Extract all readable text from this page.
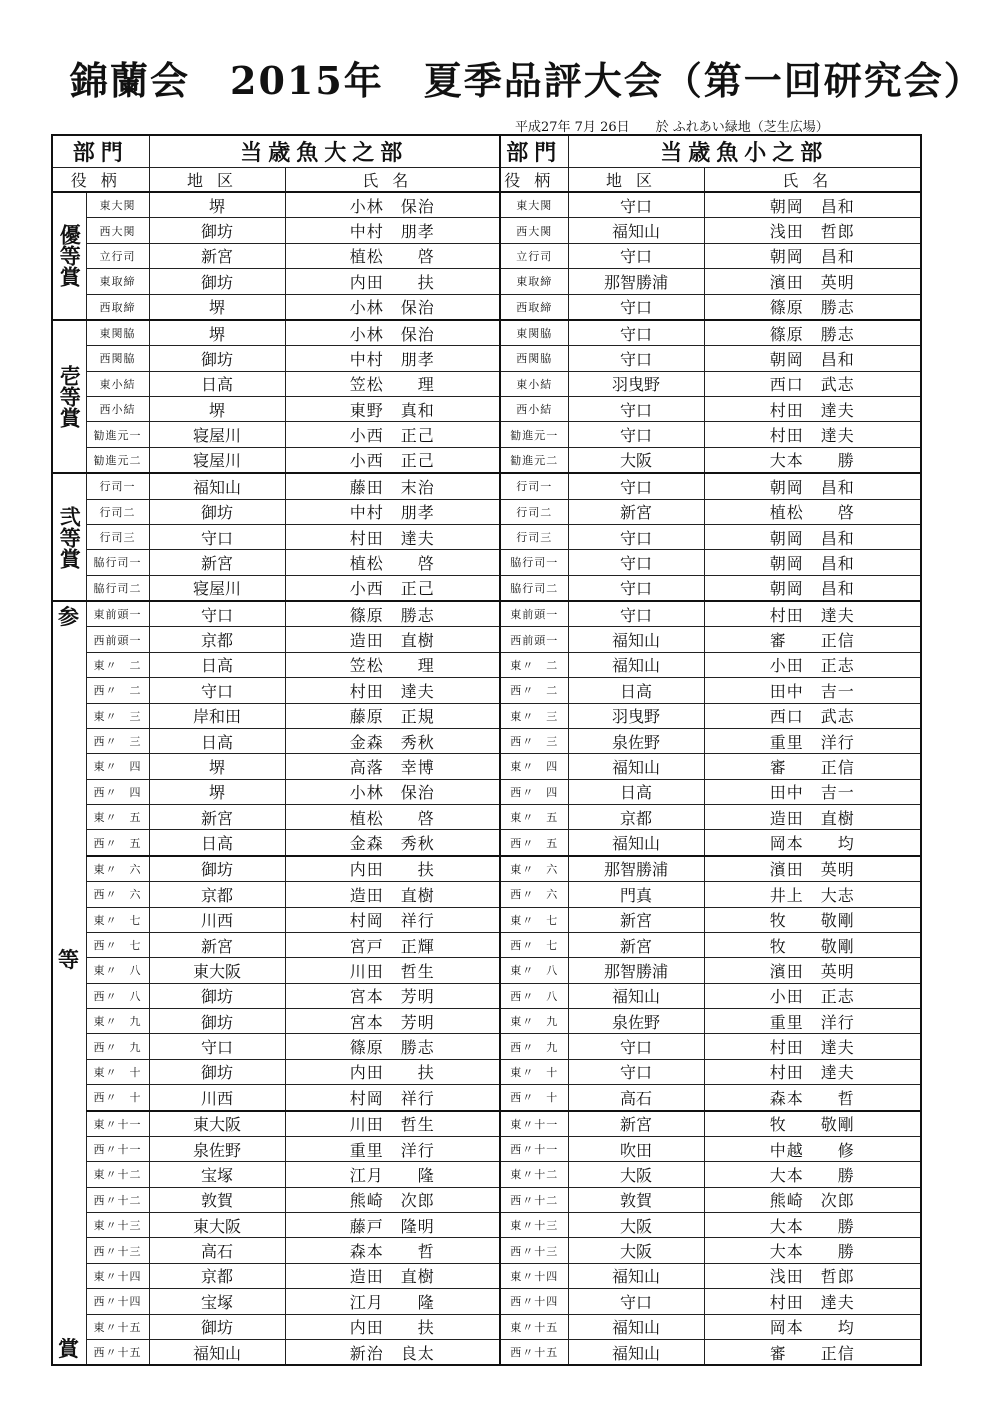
錦蘭会　2015年　夏季品評大会（第一回研究会）
平成27年 7月 26日　　於 ふれあい緑地（芝生広場）
部門		当歳魚大之部		部門	当歳魚小之部	
役柄		地区	氏名	役柄	地区	氏名
優等賞	東大関	堺	小林　保治	東大関	守口	朝岡　昌和
	西大関	御坊	中村　朋孝	西大関	福知山	浅田　哲郎
	立行司	新宮	植松　　啓	立行司	守口	朝岡　昌和
	東取締	御坊	内田　　扶	東取締	那智勝浦	濱田　英明
	西取締	堺	小林　保治	西取締	守口	篠原　勝志
壱等賞	東関脇	堺	小林　保治	東関脇	守口	篠原　勝志
	西関脇	御坊	中村　朋孝	西関脇	守口	朝岡　昌和
	東小結	日高	笠松　　理	東小結	羽曳野	西口　武志
	西小結	堺	東野　真和	西小結	守口	村田　達夫
	勧進元一	寝屋川	小西　正己	勧進元一	守口	村田　達夫
	勧進元二	寝屋川	小西　正己	勧進元二	大阪	大本　　勝
弐等賞	行司一	福知山	藤田　末治	行司一	守口	朝岡　昌和
	行司二	御坊	中村　朋孝	行司二	新宮	植松　　啓
	行司三	守口	村田　達夫	行司三	守口	朝岡　昌和
	脇行司一	新宮	植松　　啓	脇行司一	守口	朝岡　昌和
	脇行司二	寝屋川	小西　正己	脇行司二	守口	朝岡　昌和

参
等
賞	東前頭一	守口	篠原　勝志	東前頭一	守口	村田　達夫
	西前頭一	京都	造田　直樹	西前頭一	福知山	審　　正信
	東〃　二	日高	笠松　　理	東〃　二	福知山	小田　正志
	西〃　二	守口	村田　達夫	西〃　二	日高	田中　吉一
	東〃　三	岸和田	藤原　正規	東〃　三	羽曳野	西口　武志
	西〃　三	日高	金森　秀秋	西〃　三	泉佐野	重里　洋行
	東〃　四	堺	高落　幸博	東〃　四	福知山	審　　正信
	西〃　四	堺	小林　保治	西〃　四	日高	田中　吉一
	東〃　五	新宮	植松　　啓	東〃　五	京都	造田　直樹
	西〃　五	日高	金森　秀秋	西〃　五	福知山	岡本　　均
	東〃　六	御坊	内田　　扶	東〃　六	那智勝浦	濱田　英明
	西〃　六	京都	造田　直樹	西〃　六	門真	井上　大志
	東〃　七	川西	村岡　祥行	東〃　七	新宮	牧　　敬剛
	西〃　七	新宮	宮戸　正輝	西〃　七	新宮	牧　　敬剛
	東〃　八	東大阪	川田　哲生	東〃　八	那智勝浦	濱田　英明
	西〃　八	御坊	宮本　芳明	西〃　八	福知山	小田　正志
	東〃　九	御坊	宮本　芳明	東〃　九	泉佐野	重里　洋行
	西〃　九	守口	篠原　勝志	西〃　九	守口	村田　達夫
	東〃　十	御坊	内田　　扶	東〃　十	守口	村田　達夫
	西〃　十	川西	村岡　祥行	西〃　十	高石	森本　　哲
	東〃十一	東大阪	川田　哲生	東〃十一	新宮	牧　　敬剛
	西〃十一	泉佐野	重里　洋行	西〃十一	吹田	中越　　修
	東〃十二	宝塚	江月　　隆	東〃十二	大阪	大本　　勝
	西〃十二	敦賀	熊崎　次郎	西〃十二	敦賀	熊崎　次郎
	東〃十三	東大阪	藤戸　隆明	東〃十三	大阪	大本　　勝
	西〃十三	高石	森本　　哲	西〃十三	大阪	大本　　勝
	東〃十四	京都	造田　直樹	東〃十四	福知山	浅田　哲郎
	西〃十四	宝塚	江月　　隆	西〃十四	守口	村田　達夫
	東〃十五	御坊	内田　　扶	東〃十五	福知山	岡本　　均
	西〃十五	福知山	新治　良太	西〃十五	福知山	審　　正信
